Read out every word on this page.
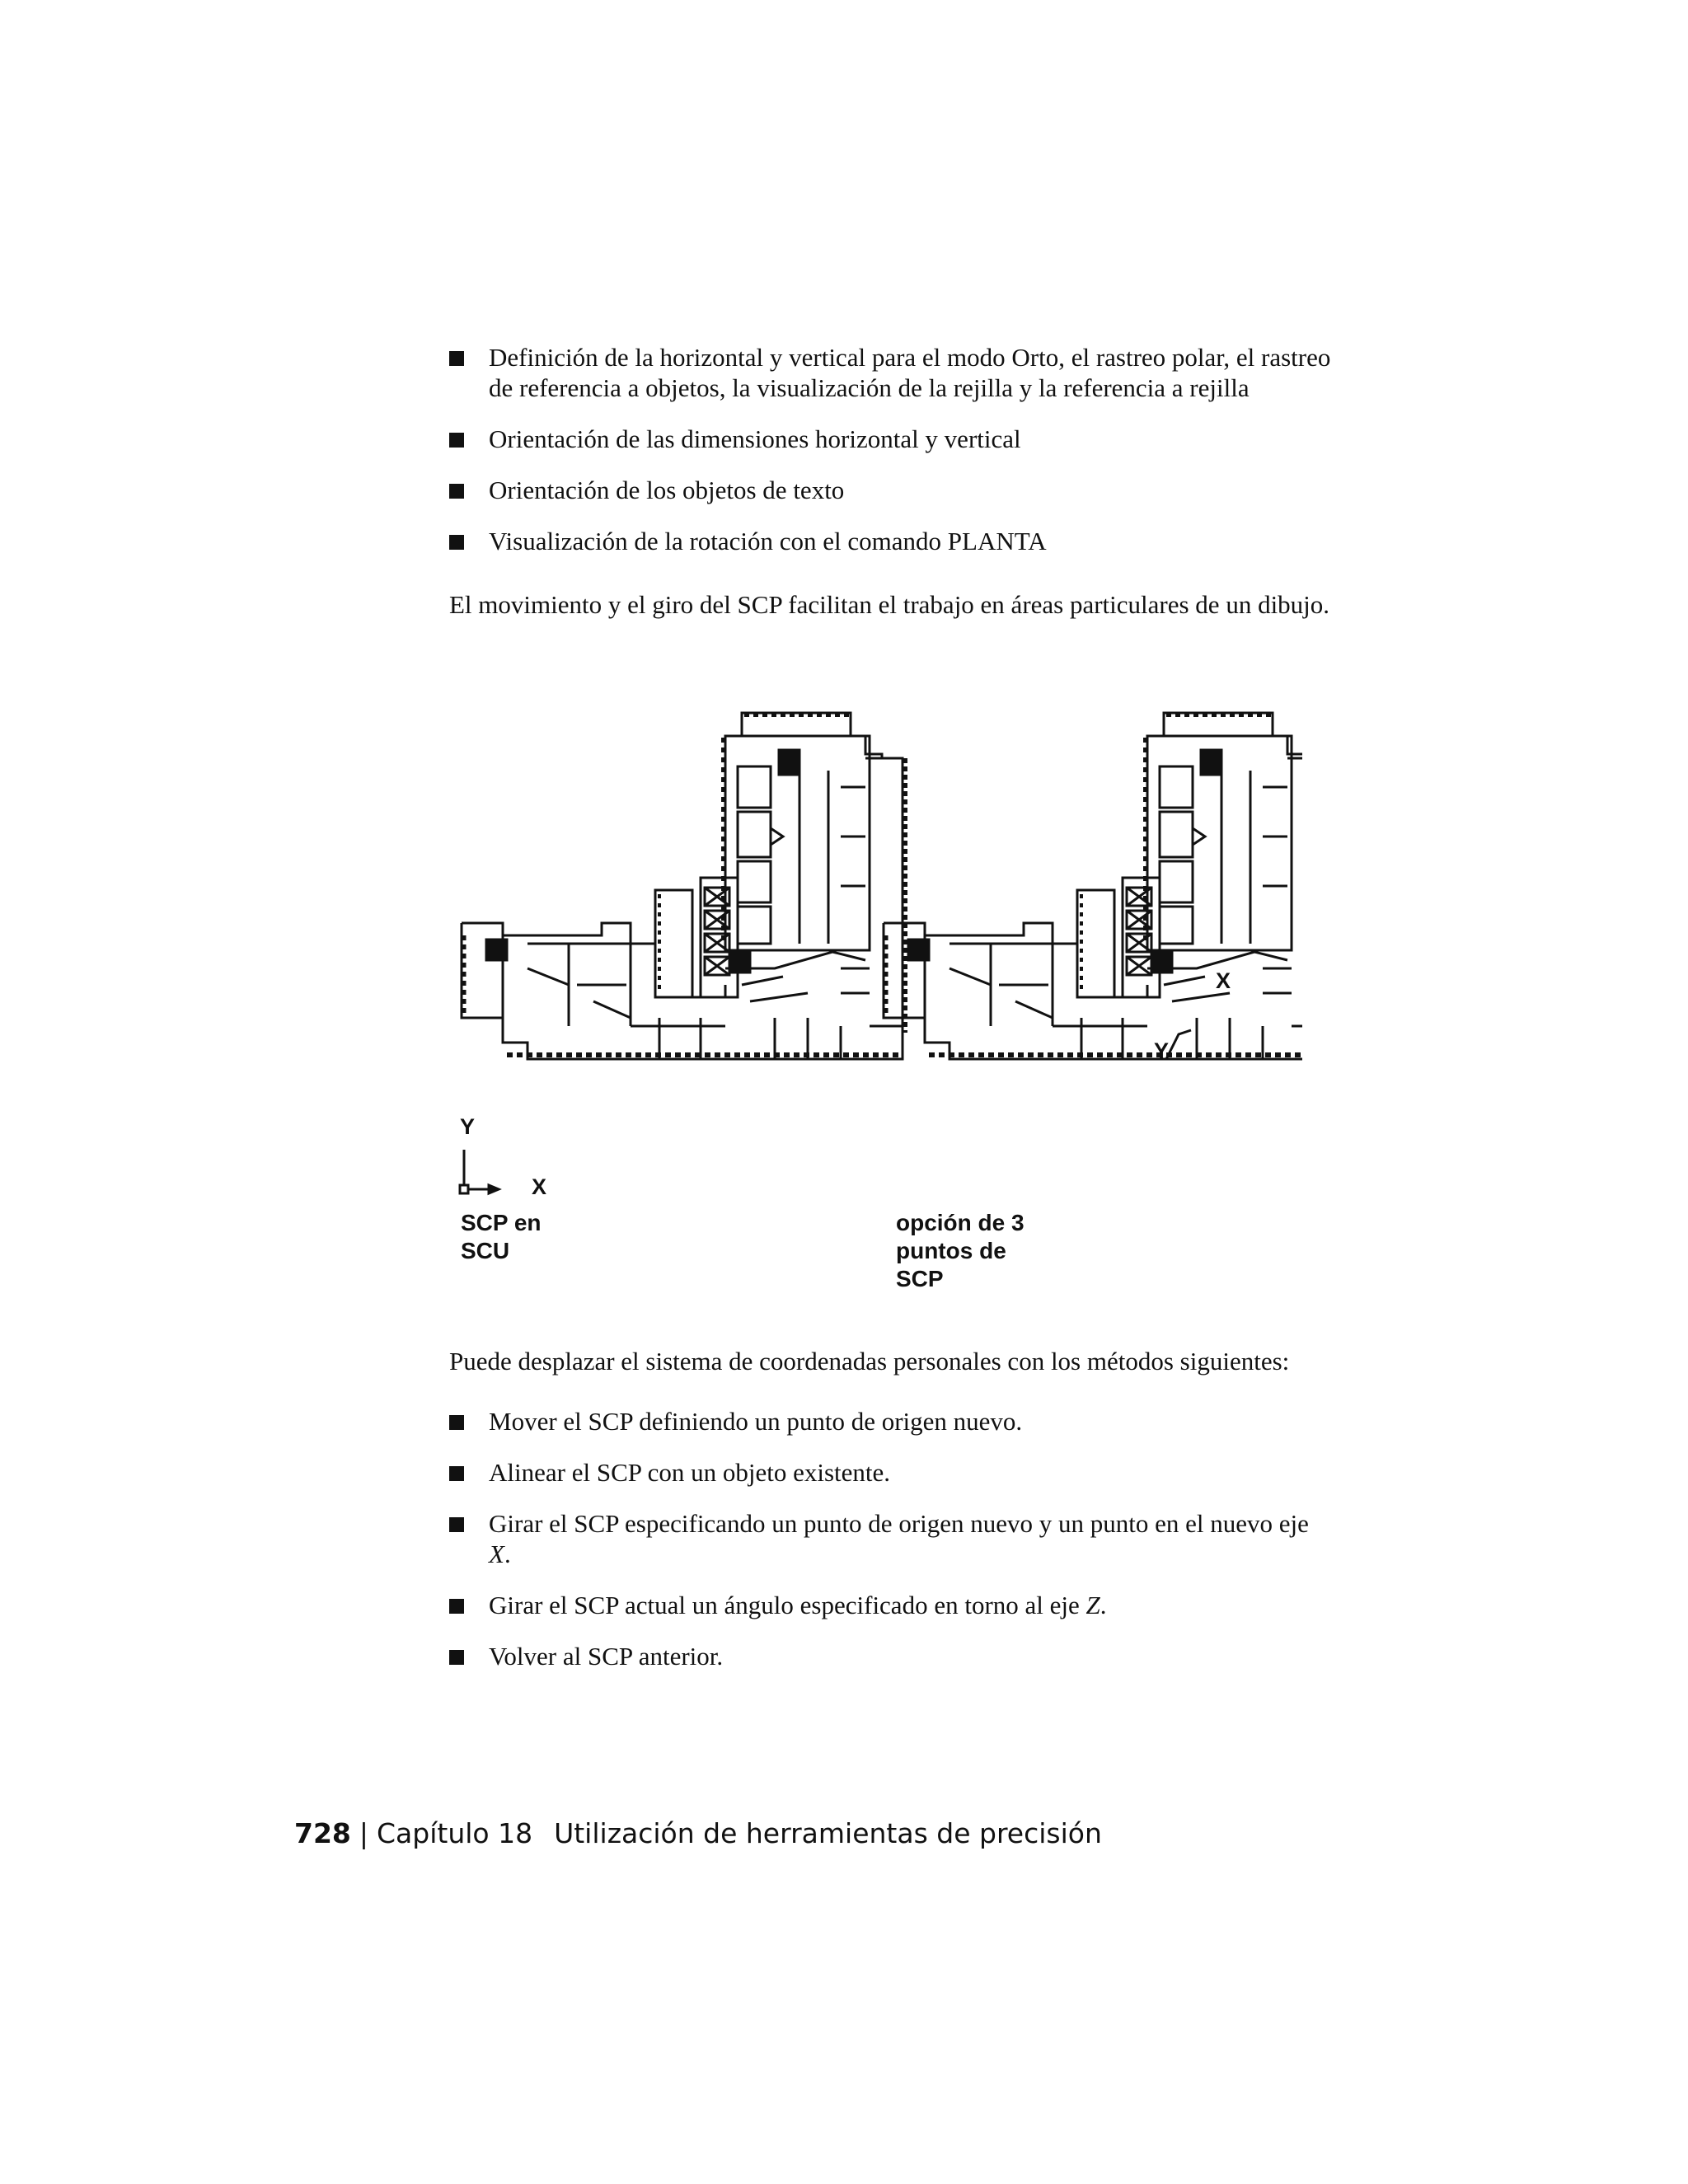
Definición de la horizontal y vertical para el modo Orto, el rastreo polar, el rastreo de referencia a objetos, la visualización de la rejilla y la referencia a rejilla
Orientación de las dimensiones horizontal y vertical
Orientación de los objetos de texto
Visualización de la rotación con el comando PLANTA

El movimiento y el giro del SCP facilitan el trabajo en áreas particulares de un dibujo.

Y
X
SCP en
SCU
X
Y
opción de 3
puntos de
SCP

Puede desplazar el sistema de coordenadas personales con los métodos siguientes:

Mover el SCP definiendo un punto de origen nuevo.
Alinear el SCP con un objeto existente.
Girar el SCP especificando un punto de origen nuevo y un punto en el nuevo eje X.
Girar el SCP actual un ángulo especificado en torno al eje Z.
Volver al SCP anterior.
728 | Capítulo 18 Utilización de herramientas de precisión
